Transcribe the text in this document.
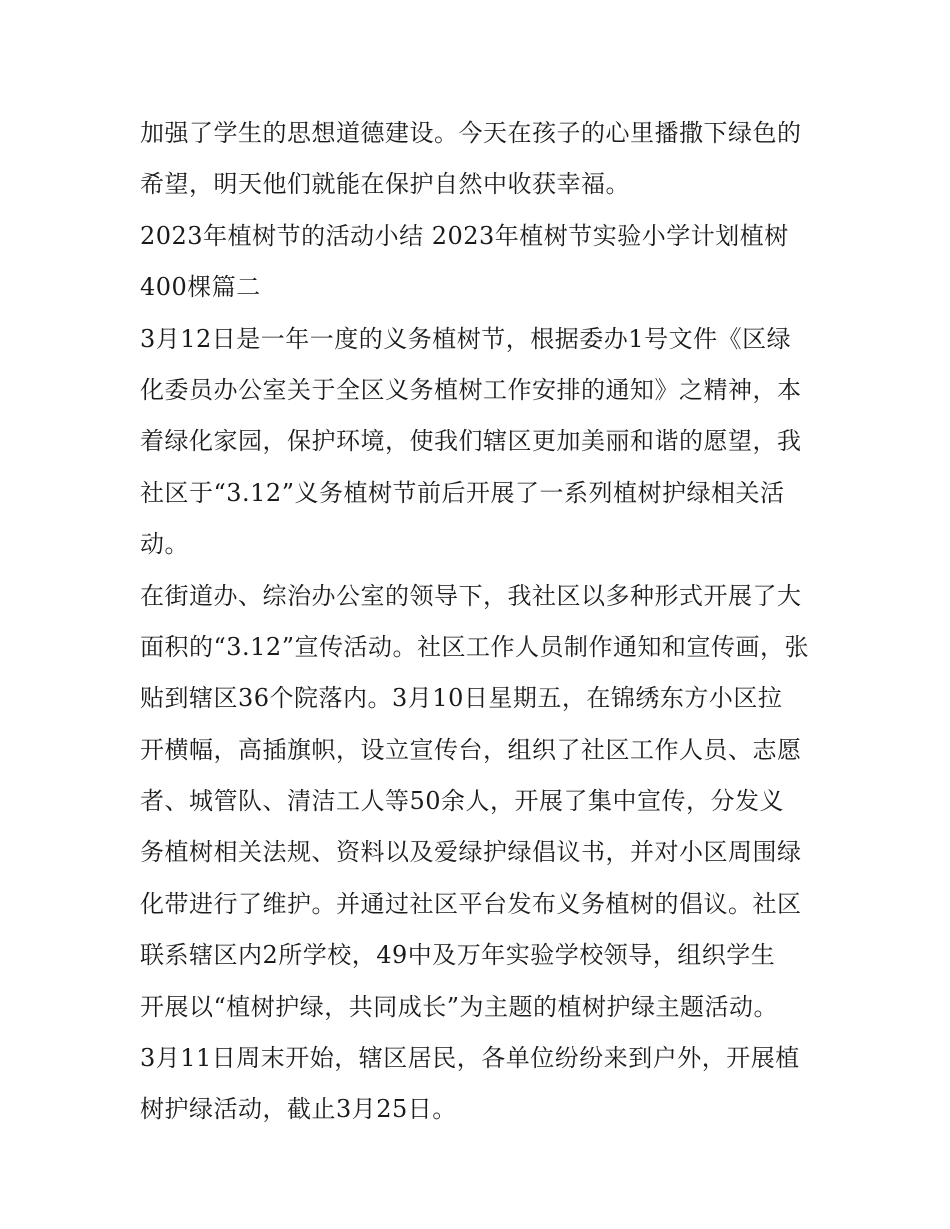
加强了学生的思想道德建设。今天在孩子的心里播撒下绿色的
希望，明天他们就能在保护自然中收获幸福。
2023年植树节的活动小结 2023年植树节实验小学计划植树
400棵篇二
3月12日是一年一度的义务植树节，根据委办1号文件《区绿
化委员办公室关于全区义务植树工作安排的通知》之精神，本
着绿化家园，保护环境，使我们辖区更加美丽和谐的愿望，我
社区于“3.12”义务植树节前后开展了一系列植树护绿相关活
动。
在街道办、综治办公室的领导下，我社区以多种形式开展了大
面积的“3.12”宣传活动。社区工作人员制作通知和宣传画，张
贴到辖区36个院落内。3月10日星期五，在锦绣东方小区拉
开横幅，高插旗帜，设立宣传台，组织了社区工作人员、志愿
者、城管队、清洁工人等50余人，开展了集中宣传，分发义
务植树相关法规、资料以及爱绿护绿倡议书，并对小区周围绿
化带进行了维护。并通过社区平台发布义务植树的倡议。社区
联系辖区内2所学校，49中及万年实验学校领导，组织学生
开展以“植树护绿，共同成长”为主题的植树护绿主题活动。
3月11日周末开始，辖区居民，各单位纷纷来到户外，开展植
树护绿活动，截止3月25日。
